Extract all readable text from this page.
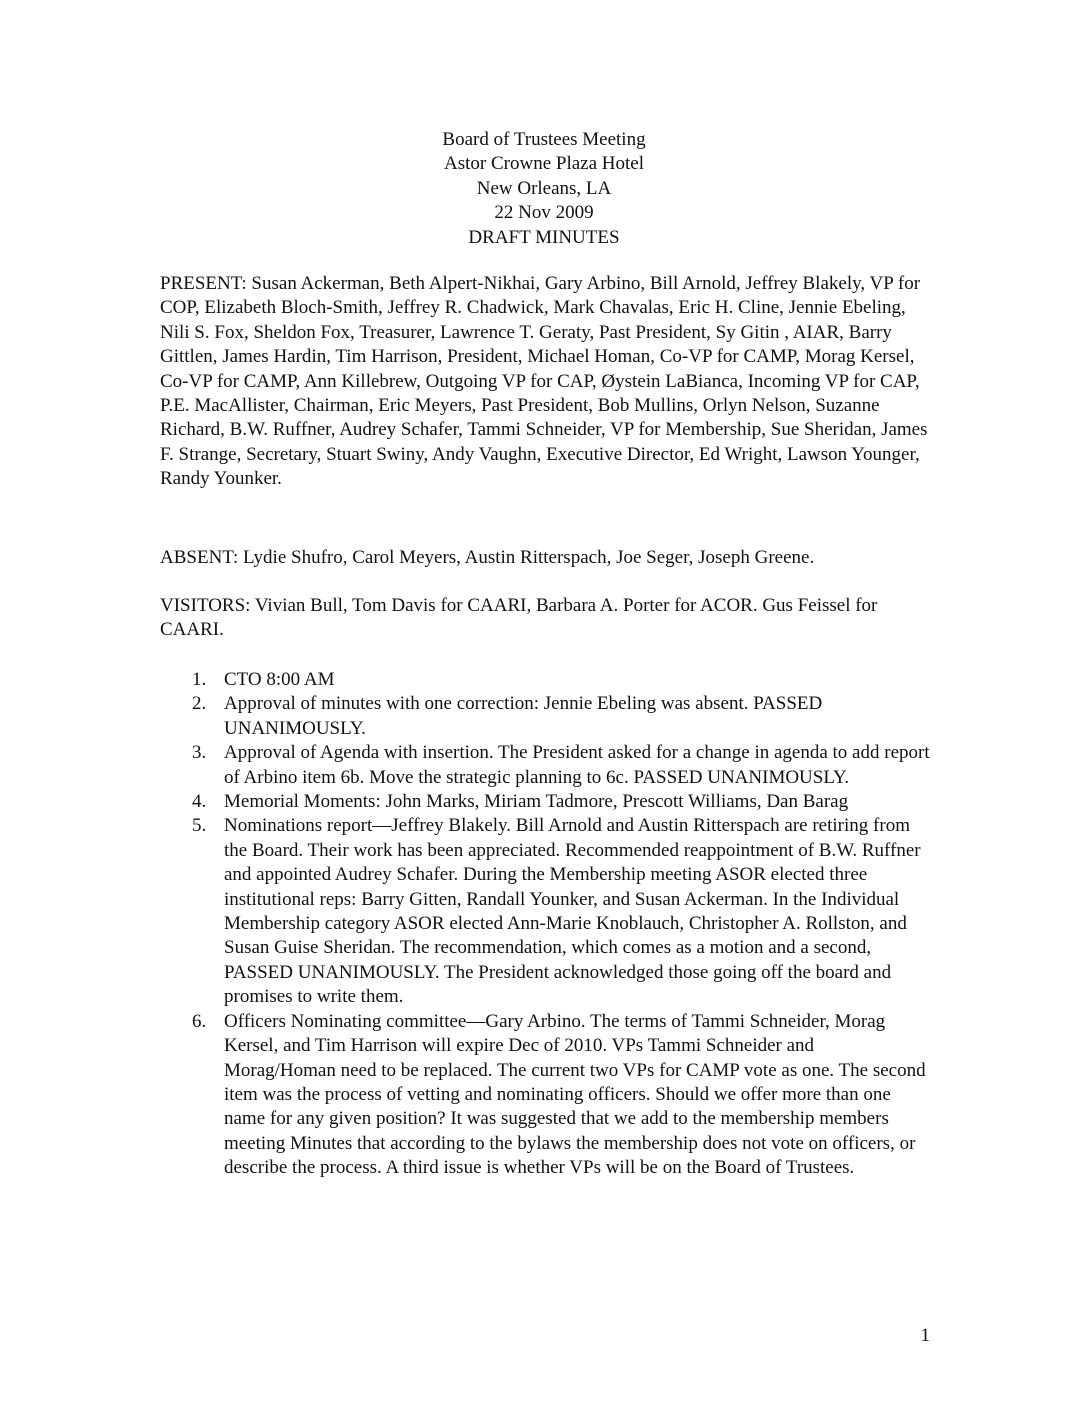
Board of Trustees Meeting
Astor Crowne Plaza Hotel
New Orleans, LA
22 Nov 2009
DRAFT MINUTES

PRESENT: Susan Ackerman, Beth Alpert-Nikhai, Gary Arbino, Bill Arnold, Jeffrey Blakely, VP for COP, Elizabeth Bloch-Smith, Jeffrey R. Chadwick, Mark Chavalas, Eric H. Cline, Jennie Ebeling, Nili S. Fox, Sheldon Fox, Treasurer, Lawrence T. Geraty, Past President, Sy Gitin , AIAR, Barry Gittlen, James Hardin, Tim Harrison, President, Michael Homan, Co-VP for CAMP, Morag Kersel, Co-VP for CAMP, Ann Killebrew, Outgoing VP for CAP, Øystein LaBianca, Incoming VP for CAP, P.E. MacAllister, Chairman, Eric Meyers, Past President, Bob Mullins, Orlyn Nelson, Suzanne Richard, B.W. Ruffner, Audrey Schafer, Tammi Schneider, VP for Membership, Sue Sheridan, James F. Strange, Secretary, Stuart Swiny, Andy Vaughn, Executive Director, Ed Wright, Lawson Younger, Randy Younker.

ABSENT: Lydie Shufro, Carol Meyers, Austin Ritterspach, Joe Seger, Joseph Greene.

VISITORS: Vivian Bull, Tom Davis for CAARI, Barbara A. Porter for ACOR. Gus Feissel for CAARI.

1. CTO 8:00 AM
2. Approval of minutes with one correction: Jennie Ebeling was absent. PASSED UNANIMOUSLY.
3. Approval of Agenda with insertion. The President asked for a change in agenda to add report of Arbino item 6b. Move the strategic planning to 6c. PASSED UNANIMOUSLY.
4. Memorial Moments: John Marks, Miriam Tadmore, Prescott Williams, Dan Barag
5. Nominations report—Jeffrey Blakely. Bill Arnold and Austin Ritterspach are retiring from the Board. Their work has been appreciated. Recommended reappointment of B.W. Ruffner and appointed Audrey Schafer. During the Membership meeting ASOR elected three institutional reps: Barry Gitten, Randall Younker, and Susan Ackerman. In the Individual Membership category ASOR elected Ann-Marie Knoblauch, Christopher A. Rollston, and Susan Guise Sheridan. The recommendation, which comes as a motion and a second, PASSED UNANIMOUSLY. The President acknowledged those going off the board and promises to write them.
6. Officers Nominating committee—Gary Arbino. The terms of Tammi Schneider, Morag Kersel, and Tim Harrison will expire Dec of 2010. VPs Tammi Schneider and Morag/Homan need to be replaced. The current two VPs for CAMP vote as one. The second item was the process of vetting and nominating officers. Should we offer more than one name for any given position? It was suggested that we add to the membership members meeting Minutes that according to the bylaws the membership does not vote on officers, or describe the process. A third issue is whether VPs will be on the Board of Trustees.
1
